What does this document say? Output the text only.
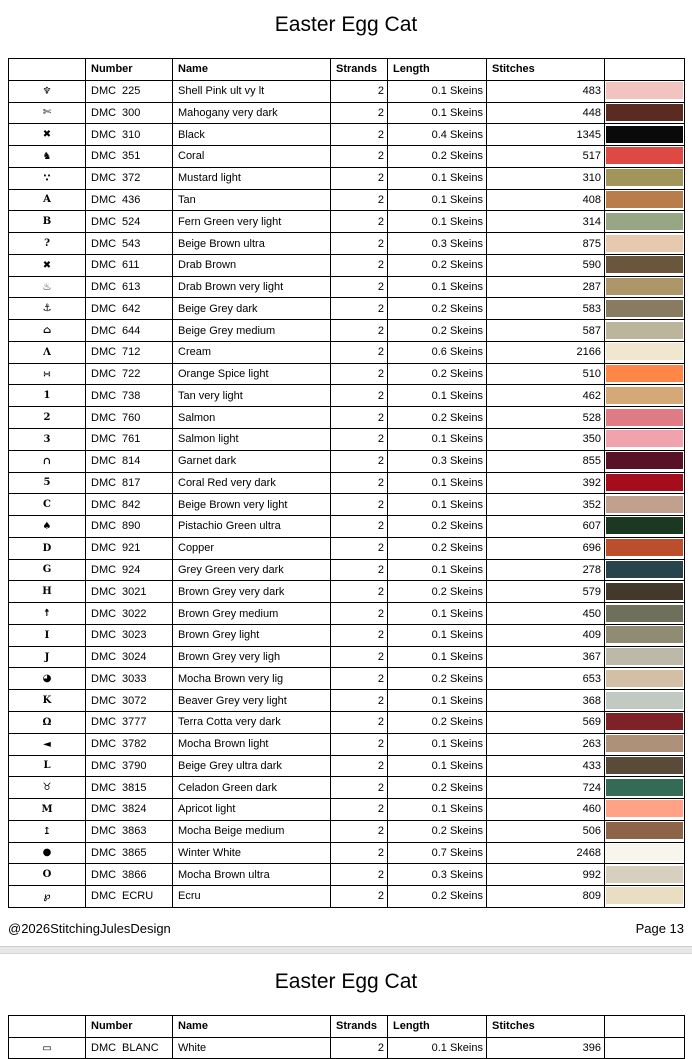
Easter Egg Cat
	Number	Name	Strands	Length	Stitches	
♆	DMC 225	Shell Pink ult vy lt	2	0.1 Skeins	483	

✄	DMC 300	Mahogany very dark	2	0.1 Skeins	448	

✖	DMC 310	Black	2	0.4 Skeins	1345	

♞	DMC 351	Coral	2	0.2 Skeins	517	

∵	DMC 372	Mustard light	2	0.1 Skeins	310	

A	DMC 436	Tan	2	0.1 Skeins	408	

B	DMC 524	Fern Green very light	2	0.1 Skeins	314	

?	DMC 543	Beige Brown ultra	2	0.3 Skeins	875	

✖	DMC 611	Drab Brown	2	0.2 Skeins	590	

♨	DMC 613	Drab Brown very light	2	0.1 Skeins	287	

⚓	DMC 642	Beige Grey dark	2	0.2 Skeins	583	

⌂	DMC 644	Beige Grey medium	2	0.2 Skeins	587	

Λ	DMC 712	Cream	2	0.6 Skeins	2166	

∺	DMC 722	Orange Spice light	2	0.2 Skeins	510	

1	DMC 738	Tan very light	2	0.1 Skeins	462	

2	DMC 760	Salmon	2	0.2 Skeins	528	

3	DMC 761	Salmon light	2	0.1 Skeins	350	

∩	DMC 814	Garnet dark	2	0.3 Skeins	855	

5	DMC 817	Coral Red very dark	2	0.1 Skeins	392	

C	DMC 842	Beige Brown very light	2	0.1 Skeins	352	

♠	DMC 890	Pistachio Green ultra	2	0.2 Skeins	607	

D	DMC 921	Copper	2	0.2 Skeins	696	

G	DMC 924	Grey Green very dark	2	0.1 Skeins	278	

H	DMC 3021	Brown Grey very dark	2	0.2 Skeins	579	

↟	DMC 3022	Brown Grey medium	2	0.1 Skeins	450	

I	DMC 3023	Brown Grey light	2	0.1 Skeins	409	

J	DMC 3024	Brown Grey very ligh	2	0.1 Skeins	367	

◕	DMC 3033	Mocha Brown very lig	2	0.2 Skeins	653	

K	DMC 3072	Beaver Grey very light	2	0.1 Skeins	368	

Ω	DMC 3777	Terra Cotta very dark	2	0.2 Skeins	569	

◄	DMC 3782	Mocha Brown light	2	0.1 Skeins	263	

L	DMC 3790	Beige Grey ultra dark	2	0.1 Skeins	433	

♉	DMC 3815	Celadon Green dark	2	0.2 Skeins	724	

M	DMC 3824	Apricot light	2	0.1 Skeins	460	

↥	DMC 3863	Mocha Beige medium	2	0.2 Skeins	506	

●	DMC 3865	Winter White	2	0.7 Skeins	2468	

O	DMC 3866	Mocha Brown ultra	2	0.3 Skeins	992	

℘	DMC ECRU	Ecru	2	0.2 Skeins	809	
@2026StitchingJulesDesign	Page 13
Easter Egg Cat
	Number	Name	Strands	Length	Stitches	
▭	DMC BLANC	White	2	0.1 Skeins	396	
